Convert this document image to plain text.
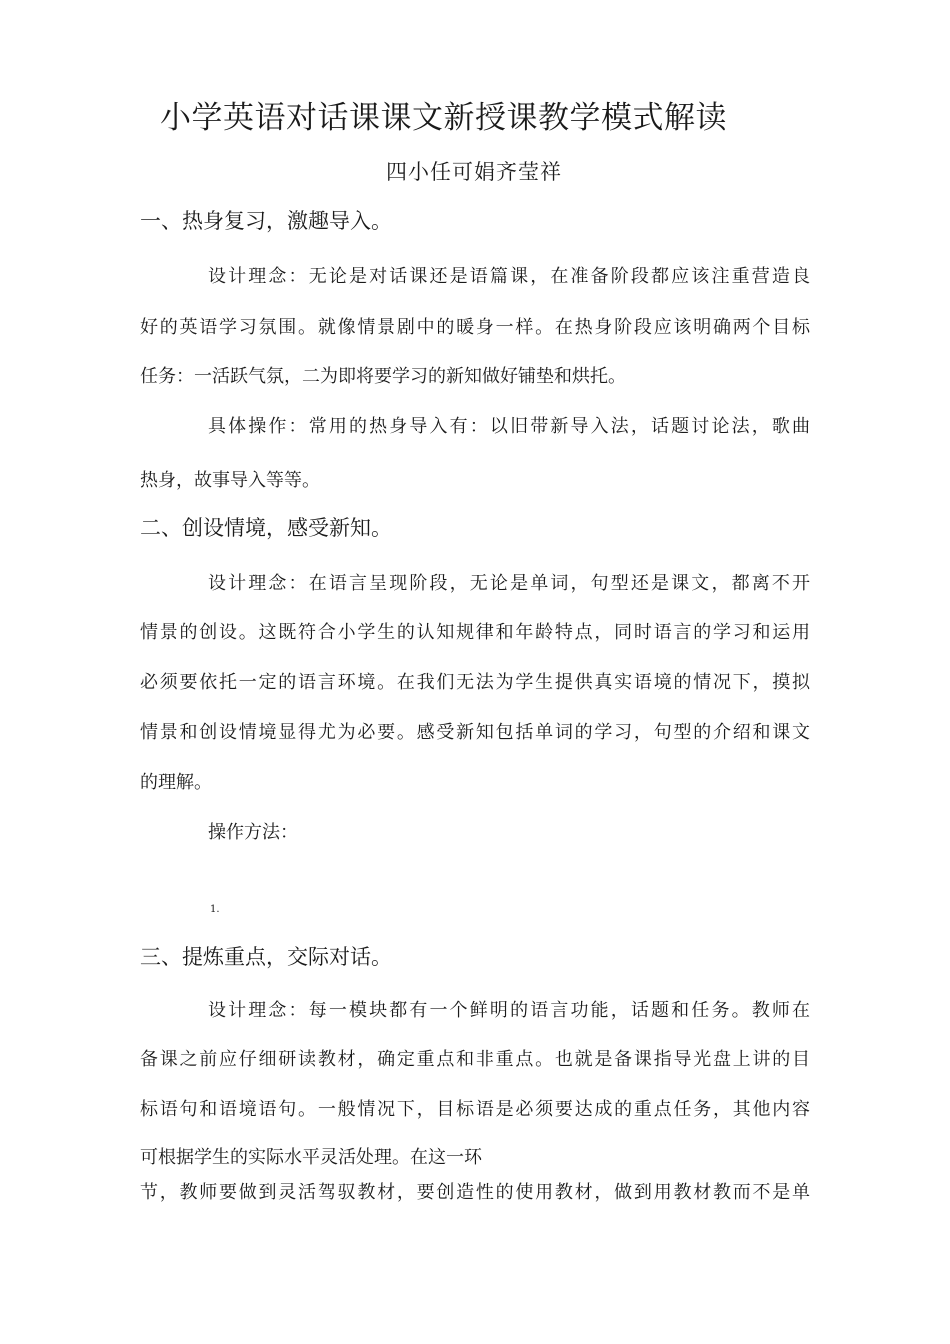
小学英语对话课课文新授课教学模式解读
四小任可娟齐莹祥
一、热身复习，激趣导入。
设计理念：无论是对话课还是语篇课，在准备阶段都应该注重营造良
好的英语学习氛围。就像情景剧中的暖身一样。在热身阶段应该明确两个目标
任务：一活跃气氛，二为即将要学习的新知做好铺垫和烘托。
具体操作：常用的热身导入有：以旧带新导入法，话题讨论法，歌曲
热身，故事导入等等。
二、创设情境，感受新知。
设计理念：在语言呈现阶段，无论是单词，句型还是课文，都离不开
情景的创设。这既符合小学生的认知规律和年龄特点，同时语言的学习和运用
必须要依托一定的语言环境。在我们无法为学生提供真实语境的情况下，摸拟
情景和创设情境显得尤为必要。感受新知包括单词的学习，句型的介绍和课文
的理解。
操作方法：
1.
三、提炼重点，交际对话。
设计理念：每一模块都有一个鲜明的语言功能，话题和任务。教师在
备课之前应仔细研读教材，确定重点和非重点。也就是备课指导光盘上讲的目
标语句和语境语句。一般情况下，目标语是必须要达成的重点任务，其他内容
可根据学生的实际水平灵活处理。在这一环
节，教师要做到灵活驾驭教材，要创造性的使用教材，做到用教材教而不是单
